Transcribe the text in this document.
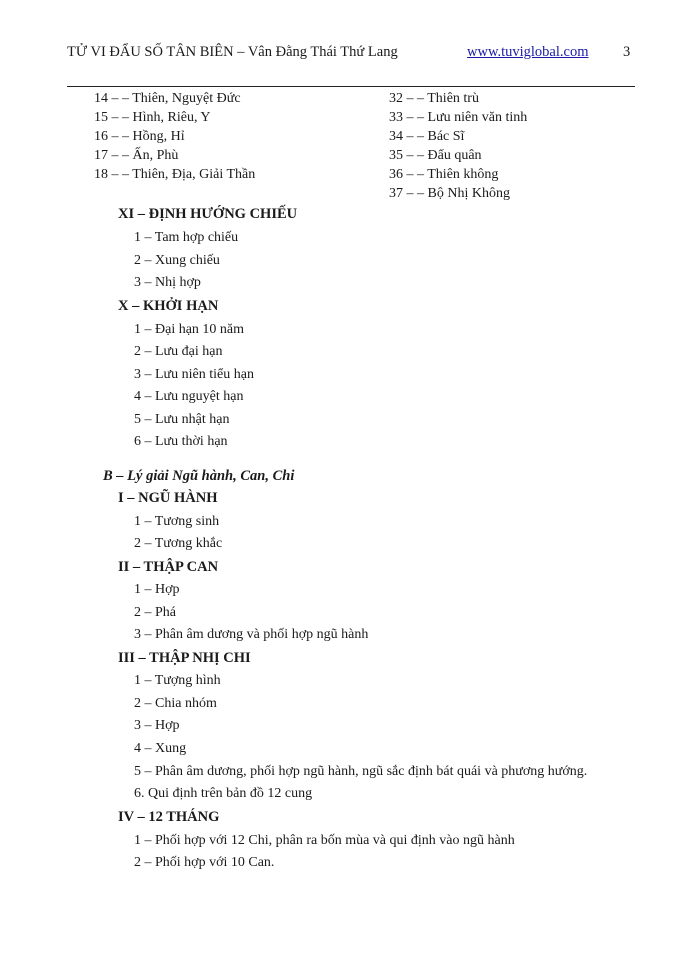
TỬ VI ĐẨU SỐ TÂN BIÊN – Vân Đằng Thái Thứ Lang	www.tuviglobal.com 3
14 – – Thiên, Nguyệt Đức
15 – – Hình, Riêu, Y
16 – – Hồng, Hỉ
17 – – Ấn, Phù
18 – – Thiên, Địa, Giải Thần
32 – – Thiên trù
33 – – Lưu niên văn tinh
34 – – Bác Sĩ
35 – – Đẩu quân
36 – – Thiên không
37 – – Bộ Nhị Không
XI – ĐỊNH HƯỚNG CHIẾU
1 – Tam hợp chiếu
2 – Xung chiếu
3 – Nhị hợp
X – KHỞI HẠN
1 – Đại hạn 10 năm
2 – Lưu đại hạn
3 – Lưu niên tiểu hạn
4 – Lưu nguyệt hạn
5 – Lưu nhật hạn
6 – Lưu thời hạn
B – Lý giải Ngũ hành, Can, Chi
I – NGŨ HÀNH
1 – Tương sinh
2 – Tương khắc
II – THẬP CAN
1 – Hợp
2 – Phá
3 – Phân âm dương và phối hợp ngũ hành
III – THẬP NHỊ CHI
1 – Tượng hình
2 – Chia nhóm
3 – Hợp
4 – Xung
5 – Phân âm dương, phối hợp ngũ hành, ngũ sắc định bát quái và phương hướng.
6. Qui định trên bản đồ 12 cung
IV – 12 THÁNG
1 – Phối hợp với 12 Chi, phân ra bốn mùa và qui định vào ngũ hành
2 – Phối hợp với 10 Can.
